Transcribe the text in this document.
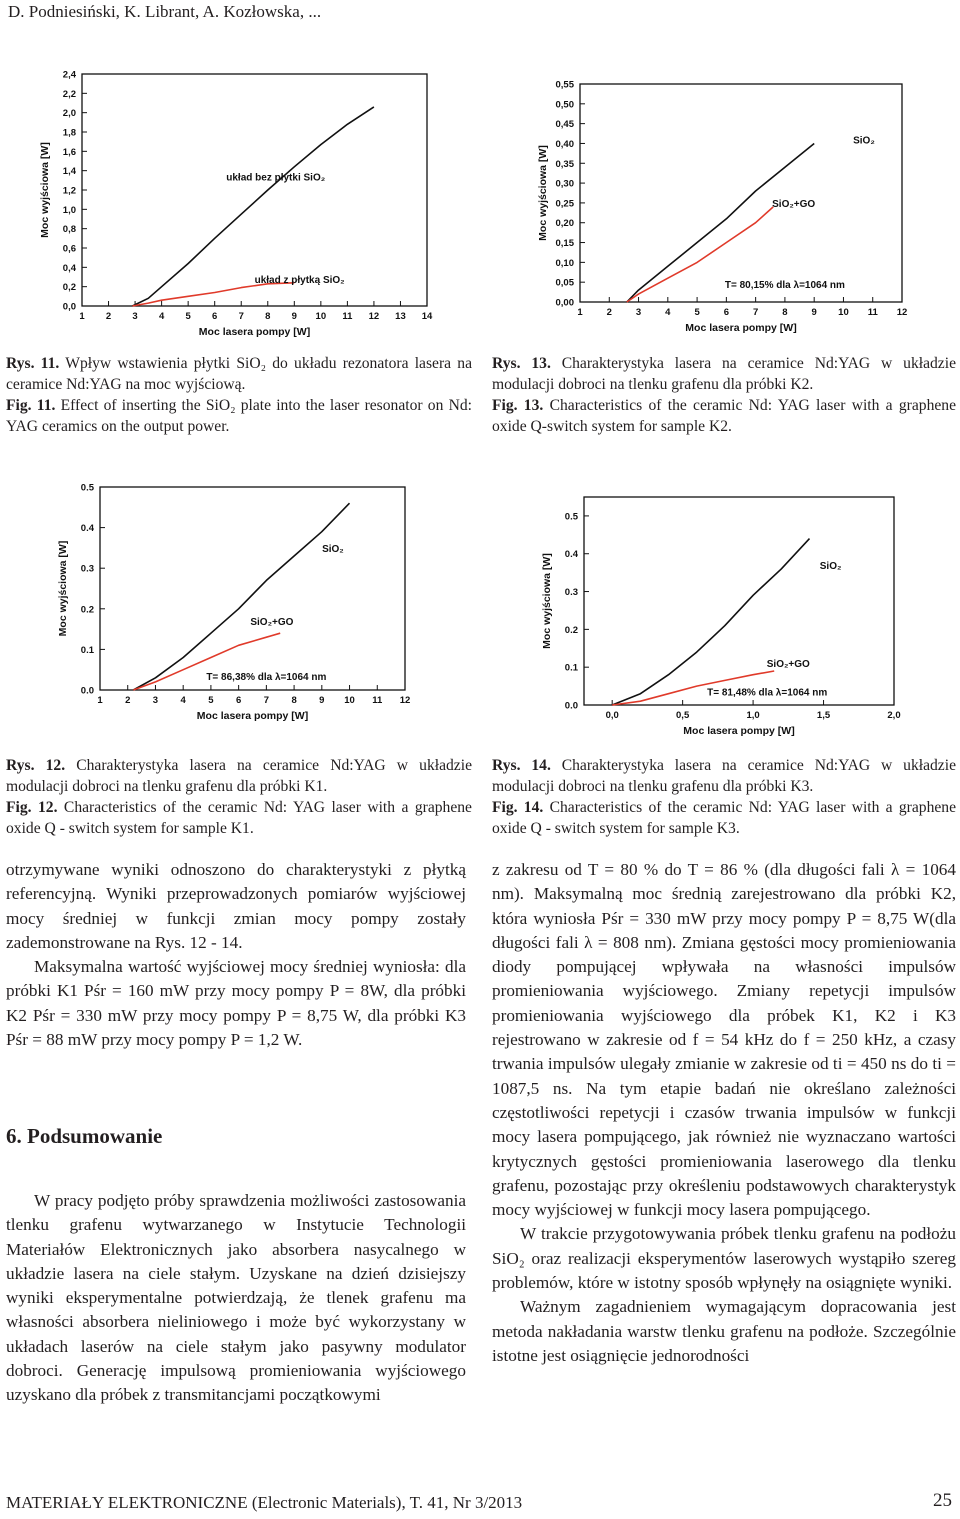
D. Podniesiński, K. Librant, A. Kozłowska, ...
0,0
0,2
0,4
0,6
0,8
1,0
1,2
1,4
1,6
1,8
2,0
2,2
2,4
1 2 3 4 5 6 7 8 9 10 11 12 13 14
Moc lasera pompy [W]
Moc wyjściowa [W]	układ bez płytki SiO₂
układ z płytką SiO₂
0,00
0,05
0,10
0,15
0,20
0,25
0,30
0,35
0,40
0,45
0,50
0,55
1	2	3	4	5	6	7	8	9 10 11 12
Moc lasera pompy [W]
Moc wyjściowa [W]
SiO₂
SiO₂+GO
T= 80,15% dla λ=1064 nm
0.0
0.1
0.2
0.3
0.4
0.5
1 2 3 4 5 6 7 8 9 10 11 12
Moc lasera pompy [W]
Moc wyjściowa [W]	SiO₂
SiO₂+GO
T= 86,38% dla λ=1064 nm
0.0
0.1
0.2
0.3
0.4
0.5
0,0	0,5	1,0	1,5	2,0
Moc lasera pompy [W]
Moc wyjściowa [W]	SiO₂
SiO₂+GO
T= 81,48% dla λ=1064 nm
Rys. 11. Wpływ wstawienia płytki SiO₂ do układu rezonatora lasera na ceramice Nd:YAG na moc wyjściową.
Fig. 11. Effect of inserting the SiO₂ plate into the laser resonator on Nd: YAG ceramics on the output power.
Rys. 13. Charakterystyka lasera na ceramice Nd:YAG w układzie modulacji dobroci na tlenku grafenu dla próbki K2.
Fig. 13. Characteristics of the ceramic Nd: YAG laser with a graphene oxide Q-switch system for sample K2.
Rys. 12. Charakterystyka lasera na ceramice Nd:YAG w układzie modulacji dobroci na tlenku grafenu dla próbki K1.
Fig. 12. Characteristics of the ceramic Nd: YAG laser with a graphene oxide Q - switch system for sample K1.
Rys. 14. Charakterystyka lasera na ceramice Nd:YAG w układzie modulacji dobroci na tlenku grafenu dla próbki K3.
Fig. 14. Characteristics of the ceramic Nd: YAG laser with a graphene oxide Q - switch system for sample K3.

otrzymywane wyniki odnoszono do charakterystyki z płytką referencyjną. Wyniki przeprowadzonych pomiarów wyjściowej mocy średniej w funkcji zmian mocy pompy zostały zademonstrowane na Rys. 12 - 14.

Maksymalna wartość wyjściowej mocy średniej wyniosła: dla próbki K1 Pśr = 160 mW przy mocy pompy P = 8W, dla próbki K2 Pśr = 330 mW przy mocy pompy P = 8,75 W, dla próbki K3 Pśr = 88 mW przy mocy pompy P = 1,2 W.

6. Podsumowanie

W pracy podjęto próby sprawdzenia możliwości zastosowania tlenku grafenu wytwarzanego w Instytucie Technologii Materiałów Elektronicznych jako absorbera nasycalnego w układzie lasera na ciele stałym. Uzyskane na dzień dzisiejszy wyniki eksperymentalne potwierdzają, że tlenek grafenu ma własności absorbera nieliniowego i może być wykorzystany w układach laserów na ciele stałym jako pasywny modulator dobroci. Generację impulsową promieniowania wyjściowego uzyskano dla próbek z transmitancjami początkowymi

z zakresu od T = 80 % do T = 86 % (dla długości fali λ = 1064 nm). Maksymalną moc średnią zarejestrowano dla próbki K2, która wyniosła Pśr = 330 mW przy mocy pompy P = 8,75 W(dla długości fali λ = 808 nm). Zmiana gęstości mocy promieniowania diody pompującej wpływała na własności impulsów promieniowania wyjściowego. Zmiany repetycji impulsów promieniowania wyjściowego dla próbek K1, K2 i K3 rejestrowano w zakresie od f = 54 kHz do f = 250 kHz, a czasy trwania impulsów ulegały zmianie w zakresie od ti = 450 ns do ti = 1087,5 ns. Na tym etapie badań nie określano zależności częstotliwości repetycji i czasów trwania impulsów w funkcji mocy lasera pompującego, jak również nie wyznaczano wartości krytycznych gęstości promieniowania laserowego dla tlenku grafenu, pozostając przy określeniu podstawowych charakterystyk mocy wyjściowej w funkcji mocy lasera pompującego.

W trakcie przygotowywania próbek tlenku grafenu na podłożu SiO₂ oraz realizacji eksperymentów laserowych wystąpiło szereg problemów, które w istotny sposób wpłynęły na osiągnięte wyniki.

Ważnym zagadnieniem wymagającym dopracowania jest metoda nakładania warstw tlenku grafenu na podłoże. Szczególnie istotne jest osiągnięcie jednorodności

MATERIAŁY ELEKTRONICZNE (Electronic Materials), T. 41, Nr 3/2013	25
